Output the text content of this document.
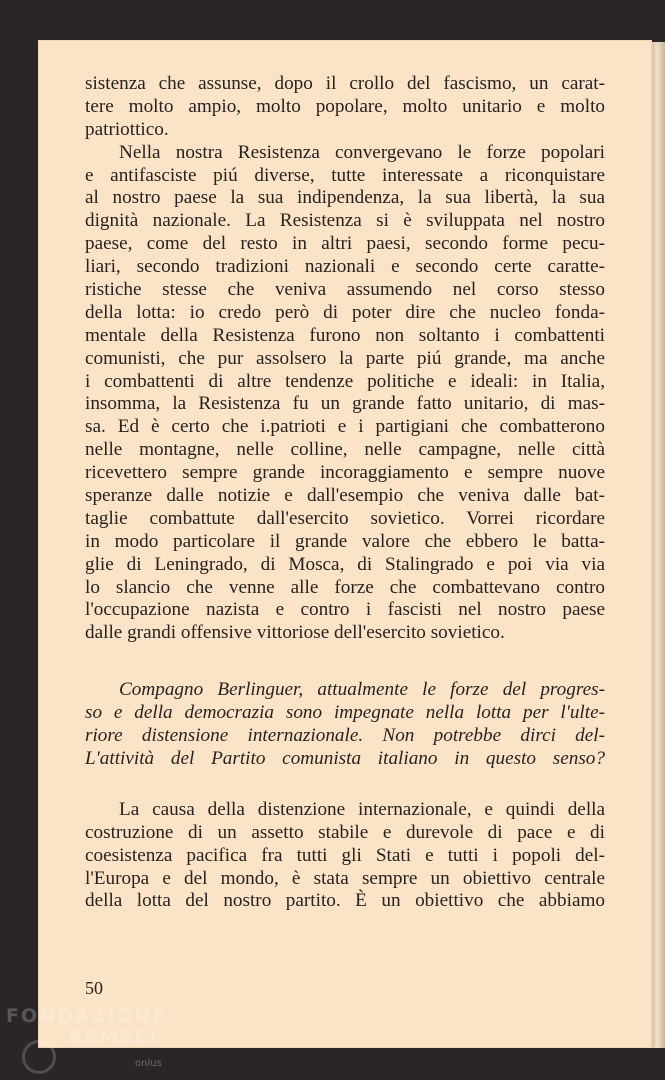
sistenza che assunse, dopo il crollo del fascismo, un carat-
tere molto ampio, molto popolare, molto unitario e molto
patriottico.
Nella nostra Resistenza convergevano le forze popolari
e antifasciste piú diverse, tutte interessate a riconquistare
al nostro paese la sua indipendenza, la sua libertà, la sua
dignità nazionale. La Resistenza si è sviluppata nel nostro
paese, come del resto in altri paesi, secondo forme pecu-
liari, secondo tradizioni nazionali e secondo certe caratte-
ristiche stesse che veniva assumendo nel corso stesso
della lotta: io credo però di poter dire che nucleo fonda-
mentale della Resistenza furono non soltanto i combattenti
comunisti, che pur assolsero la parte piú grande, ma anche
i combattenti di altre tendenze politiche e ideali: in Italia,
insomma, la Resistenza fu un grande fatto unitario, di mas-
sa. Ed è certo che i.patrioti e i partigiani che combatterono
nelle montagne, nelle colline, nelle campagne, nelle città
ricevettero sempre grande incoraggiamento e sempre nuove
speranze dalle notizie e dall'esempio che veniva dalle bat-
taglie combattute dall'esercito sovietico. Vorrei ricordare
in modo particolare il grande valore che ebbero le batta-
glie di Leningrado, di Mosca, di Stalingrado e poi via via
lo slancio che venne alle forze che combattevano contro
l'occupazione nazista e contro i fascisti nel nostro paese
dalle grandi offensive vittoriose dell'esercito sovietico.
Compagno Berlinguer, attualmente le forze del progres-
so e della democrazia sono impegnate nella lotta per l'ulte-
riore distensione internazionale. Non potrebbe dirci del-
L'attività del Partito comunista italiano in questo senso?
La causa della distenzione internazionale, e quindi della
costruzione di un assetto stabile e durevole di pace e di
coesistenza pacifica fra tutti gli Stati e tutti i popoli del-
l'Europa e del mondo, è stata sempre un obiettivo centrale
della lotta del nostro partito. È un obiettivo che abbiamo
50
FONDAZIONE
RAMSCI
onlus
